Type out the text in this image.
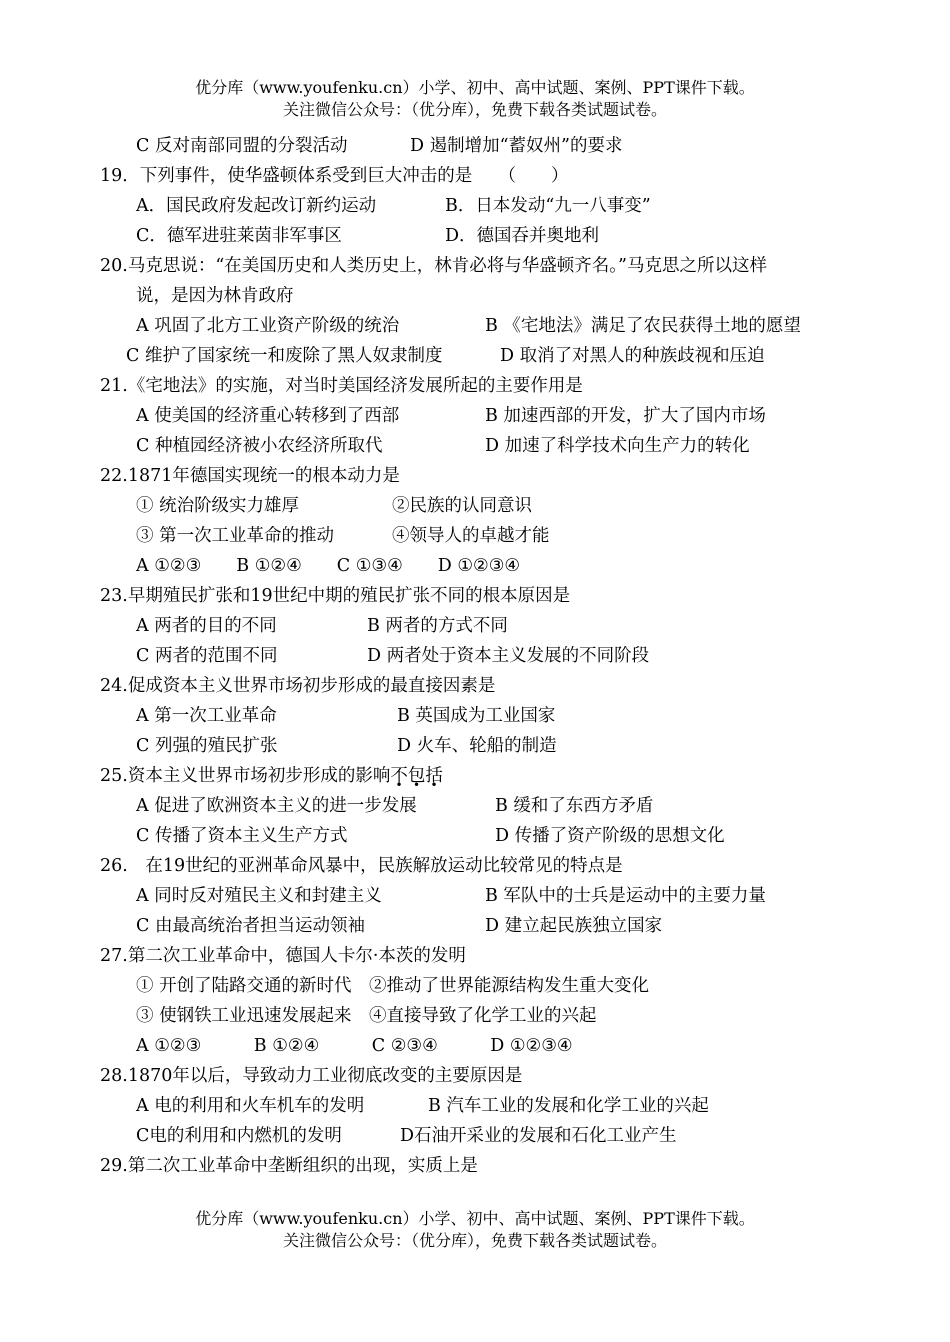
优分库（www.youfenku.cn）小学、初中、高中试题、案例、PPT课件下载。
关注微信公众号：（优分库），免费下载各类试题试卷。
C 反对南部同盟的分裂活动	D 遏制增加“蓄奴州”的要求
19．下列事件，使华盛顿体系受到巨大冲击的是　　（　　）
A．国民政府发起改订新约运动	B．日本发动“九一八事变”
C．德军进驻莱茵非军事区	D．德国吞并奥地利
20.马克思说：“在美国历史和人类历史上，林肯必将与华盛顿齐名。”马克思之所以这样
说，是因为林肯政府
A 巩固了北方工业资产阶级的统治	B 《宅地法》满足了农民获得土地的愿望
C 维护了国家统一和废除了黑人奴隶制度	D 取消了对黑人的种族歧视和压迫
21.《宅地法》的实施，对当时美国经济发展所起的主要作用是
A 使美国的经济重心转移到了西部	B 加速西部的开发，扩大了国内市场
C 种植园经济被小农经济所取代	D 加速了科学技术向生产力的转化
22.1871年德国实现统一的根本动力是
① 统治阶级实力雄厚	②民族的认同意识
③ 第一次工业革命的推动	④领导人的卓越才能
A ①②③　　B ①②④　　C ①③④　　D ①②③④
23.早期殖民扩张和19世纪中期的殖民扩张不同的根本原因是
A 两者的目的不同	B 两者的方式不同
C 两者的范围不同	D 两者处于资本主义发展的不同阶段
24.促成资本主义世界市场初步形成的最直接因素是
A 第一次工业革命	B 英国成为工业国家
C 列强的殖民扩张	D 火车、轮船的制造
25.资本主义世界市场初步形成的影响不包括
A 促进了欧洲资本主义的进一步发展	B 缓和了东西方矛盾
C 传播了资本主义生产方式	D 传播了资产阶级的思想文化
26.　在19世纪的亚洲革命风暴中，民族解放运动比较常见的特点是
A 同时反对殖民主义和封建主义	B 军队中的士兵是运动中的主要力量
C 由最高统治者担当运动领袖	D 建立起民族独立国家
27.第二次工业革命中，德国人卡尔·本茨的发明
① 开创了陆路交通的新时代　②推动了世界能源结构发生重大变化
③ 使钢铁工业迅速发展起来　④直接导致了化学工业的兴起
A ①②③　　　B ①②④　　　C ②③④　　　D ①②③④
28.1870年以后，导致动力工业彻底改变的主要原因是
A 电的利用和火车机车的发明	B 汽车工业的发展和化学工业的兴起
C电的利用和内燃机的发明	D石油开采业的发展和石化工业产生
29.第二次工业革命中垄断组织的出现，实质上是
优分库（www.youfenku.cn）小学、初中、高中试题、案例、PPT课件下载。
关注微信公众号：（优分库），免费下载各类试题试卷。
